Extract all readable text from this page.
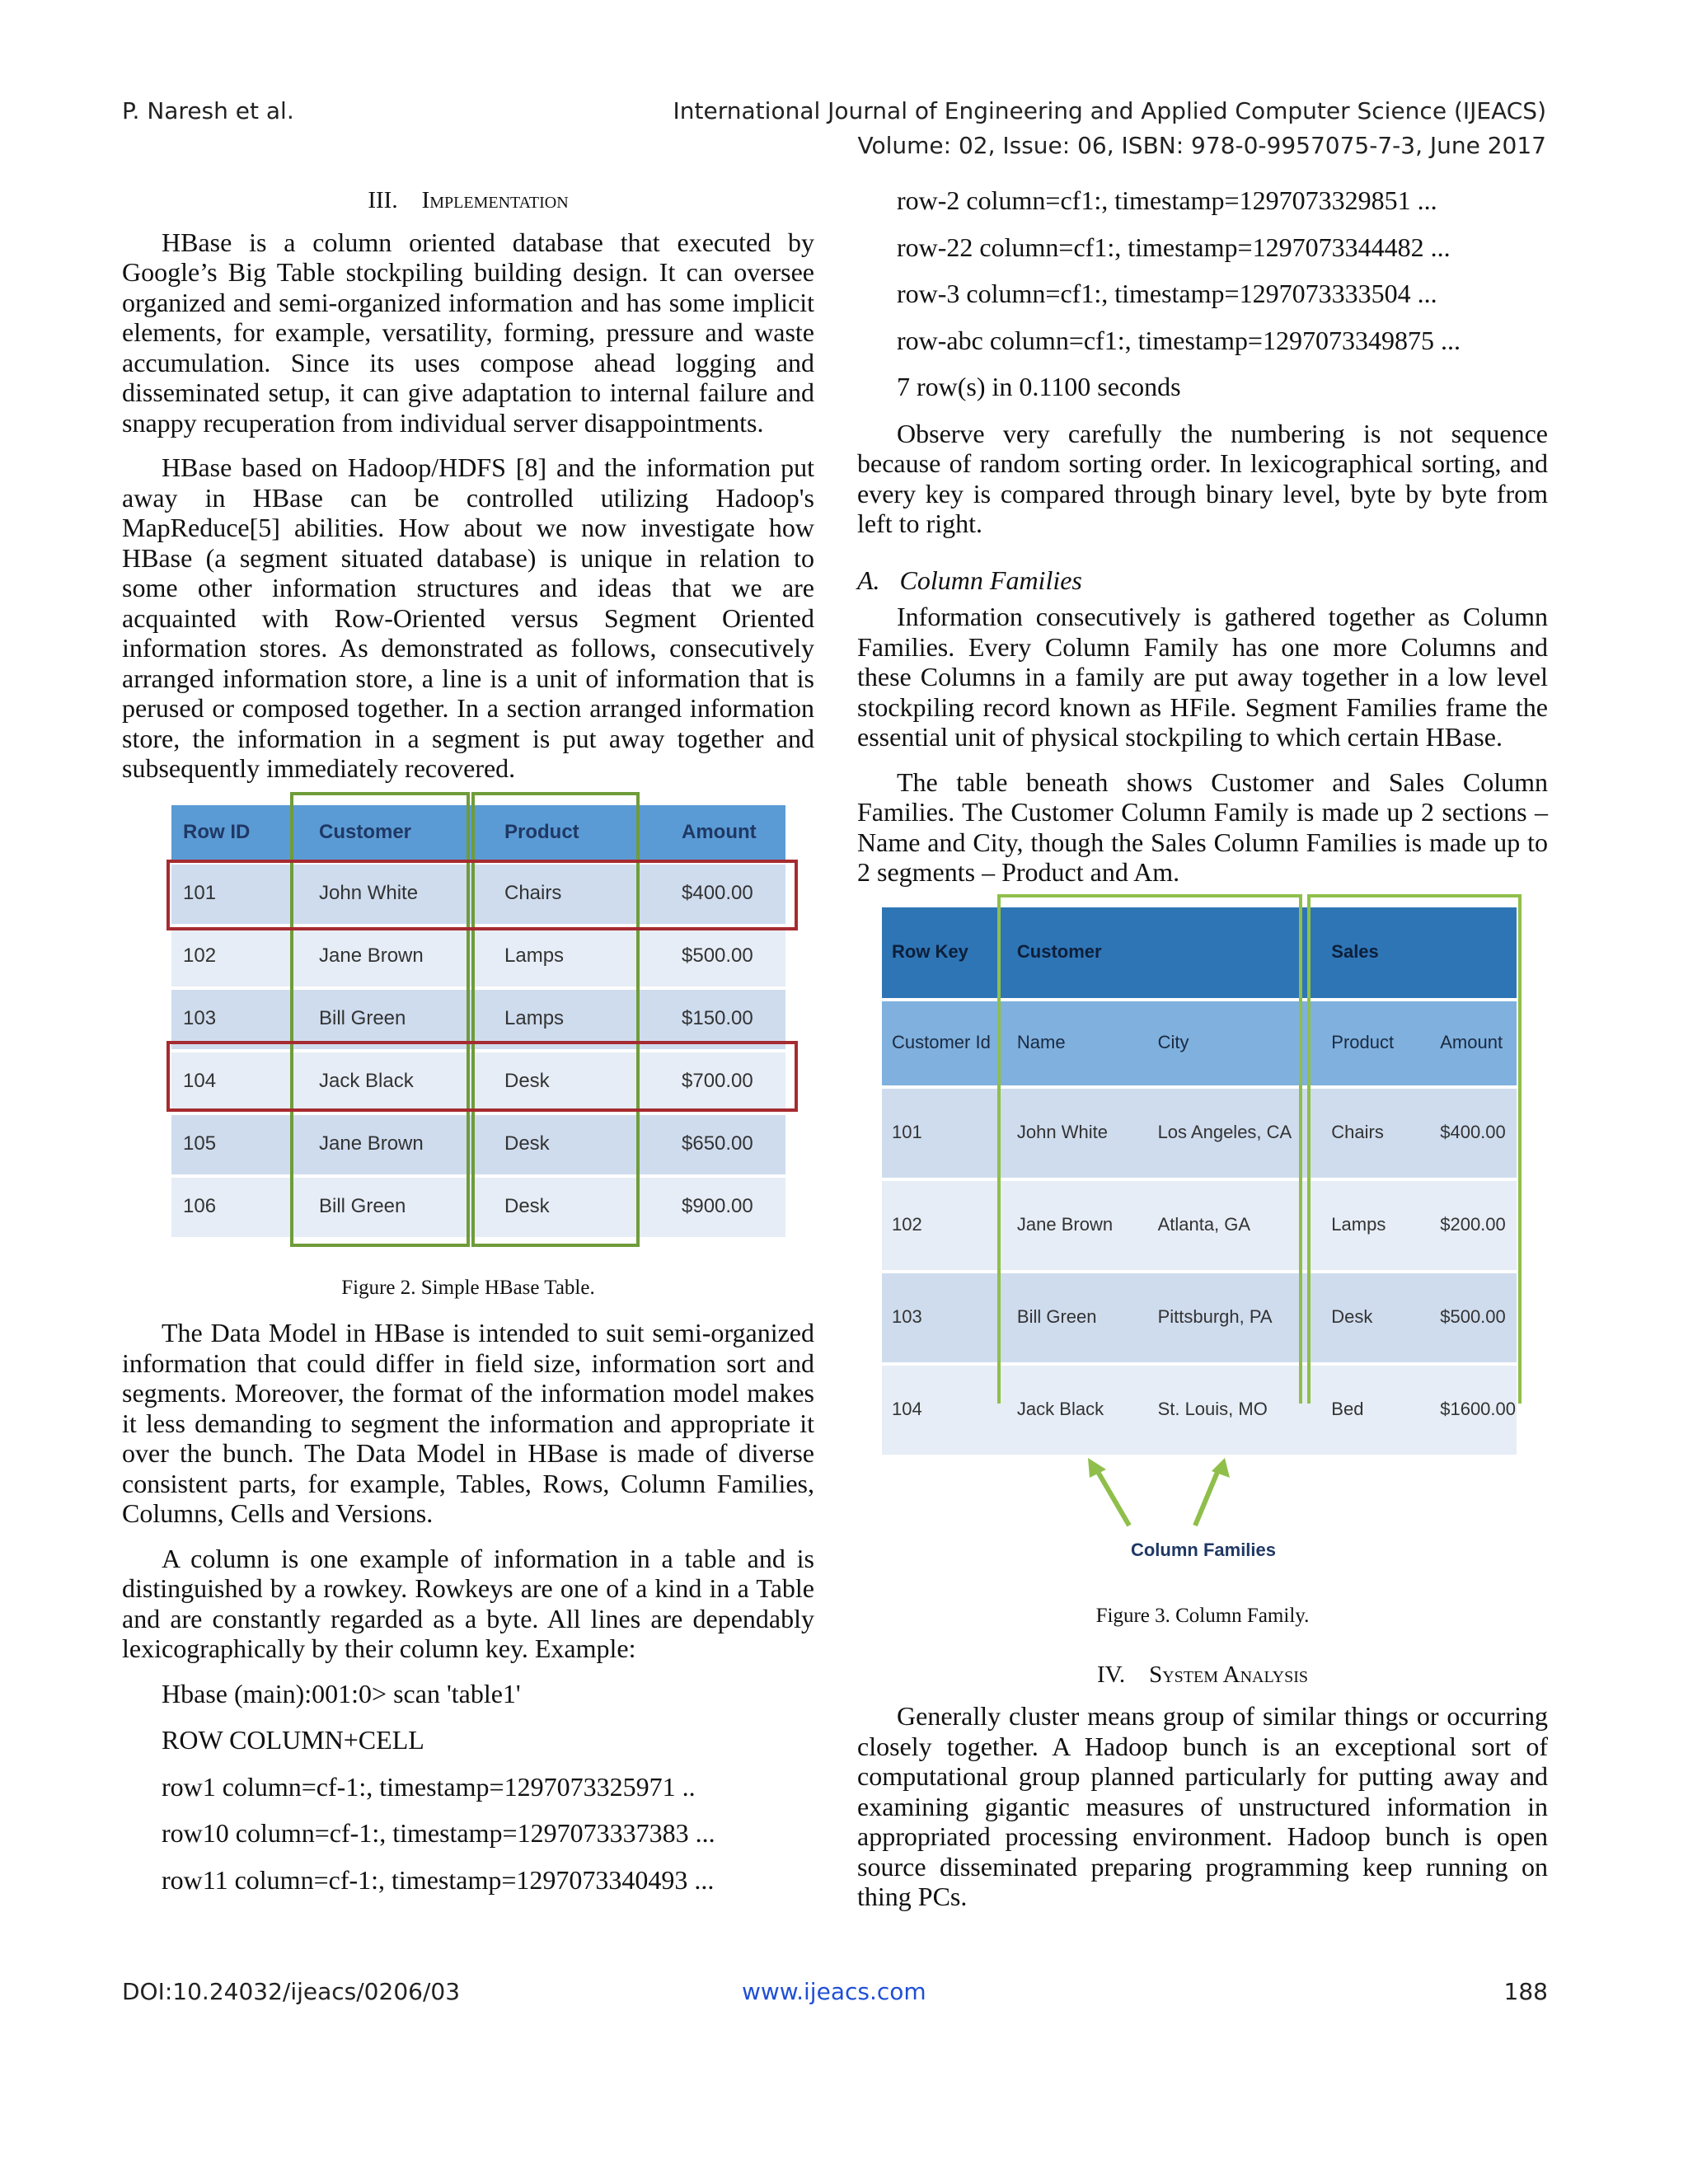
P. Naresh et al.	International Journal of Engineering and Applied Computer Science (IJEACS)
Volume: 02, Issue: 06, ISBN: 978-0-9957075-7-3, June 2017
III. Implementation

HBase is a column oriented database that executed by Google’s Big Table stockpiling building design. It can oversee organized and semi-organized information and has some implicit elements, for example, versatility, forming, pressure and waste accumulation. Since its uses compose ahead logging and disseminated setup, it can give adaptation to internal failure and snappy recuperation from individual server disappointments.

HBase based on Hadoop/HDFS [8] and the information put away in HBase can be controlled utilizing Hadoop's MapReduce[5] abilities. How about we now investigate how HBase (a segment situated database) is unique in relation to some other information structures and ideas that we are acquainted with Row-Oriented versus Segment Oriented information stores. As demonstrated as follows, consecutively arranged information store, a line is a unit of information that is perused or composed together. In a section arranged information store, the information in a segment is put away together and subsequently immediately recovered.

Row ID	Customer	Product	Amount
101	John White	Chairs	$400.00
102	Jane Brown	Lamps	$500.00
103	Bill Green	Lamps	$150.00
104	Jack Black	Desk	$700.00
105	Jane Brown	Desk	$650.00
106	Bill Green	Desk	$900.00
Figure 2. Simple HBase Table.

The Data Model in HBase is intended to suit semi-organized information that could differ in field size, information sort and segments. Moreover, the format of the information model makes it less demanding to segment the information and appropriate it over the bunch. The Data Model in HBase is made of diverse consistent parts, for example, Tables, Rows, Column Families, Columns, Cells and Versions.

A column is one example of information in a table and is distinguished by a rowkey. Rowkeys are one of a kind in a Table and are constantly regarded as a byte. All lines are dependably lexicographically by their column key. Example:

Hbase (main):001:0> scan 'table1'

ROW COLUMN+CELL

row1 column=cf-1:, timestamp=1297073325971 ..

row10 column=cf-1:, timestamp=1297073337383 ...

row11 column=cf-1:, timestamp=1297073340493 ...

row-2 column=cf1:, timestamp=1297073329851 ...

row-22 column=cf1:, timestamp=1297073344482 ...

row-3 column=cf1:, timestamp=1297073333504 ...

row-abc column=cf1:, timestamp=1297073349875 ...

7 row(s) in 0.1100 seconds

Observe very carefully the numbering is not sequence because of random sorting order. In lexicographical sorting, and every key is compared through binary level, byte by byte from left to right.

A. Column Families

Information consecutively is gathered together as Column Families. Every Column Family has one more Columns and these Columns in a family are put away together in a low level stockpiling record known as HFile. Segment Families frame the essential unit of physical stockpiling to which certain HBase.

The table beneath shows Customer and Sales Column Families. The Customer Column Family is made up 2 sections – Name and City, though the Sales Column Families is made up to 2 segments – Product and Am.

Row Key	Customer		Sales	
Customer Id	Name	City	Product	Amount
101	John White	Los Angeles, CA	Chairs	$400.00
102	Jane Brown	Atlanta, GA	Lamps	$200.00
103	Bill Green	Pittsburgh, PA	Desk	$500.00
104	Jack Black	St. Louis, MO	Bed	$1600.00
Column Families
Figure 3. Column Family.
IV. System Analysis

Generally cluster means group of similar things or occurring closely together. A Hadoop bunch is an exceptional sort of computational group planned particularly for putting away and examining gigantic measures of unstructured information in appropriated processing environment. Hadoop bunch is open source disseminated preparing programming keep running on thing PCs.

DOI:10.24032/ijeacs/0206/03	www.ijeacs.com	188
